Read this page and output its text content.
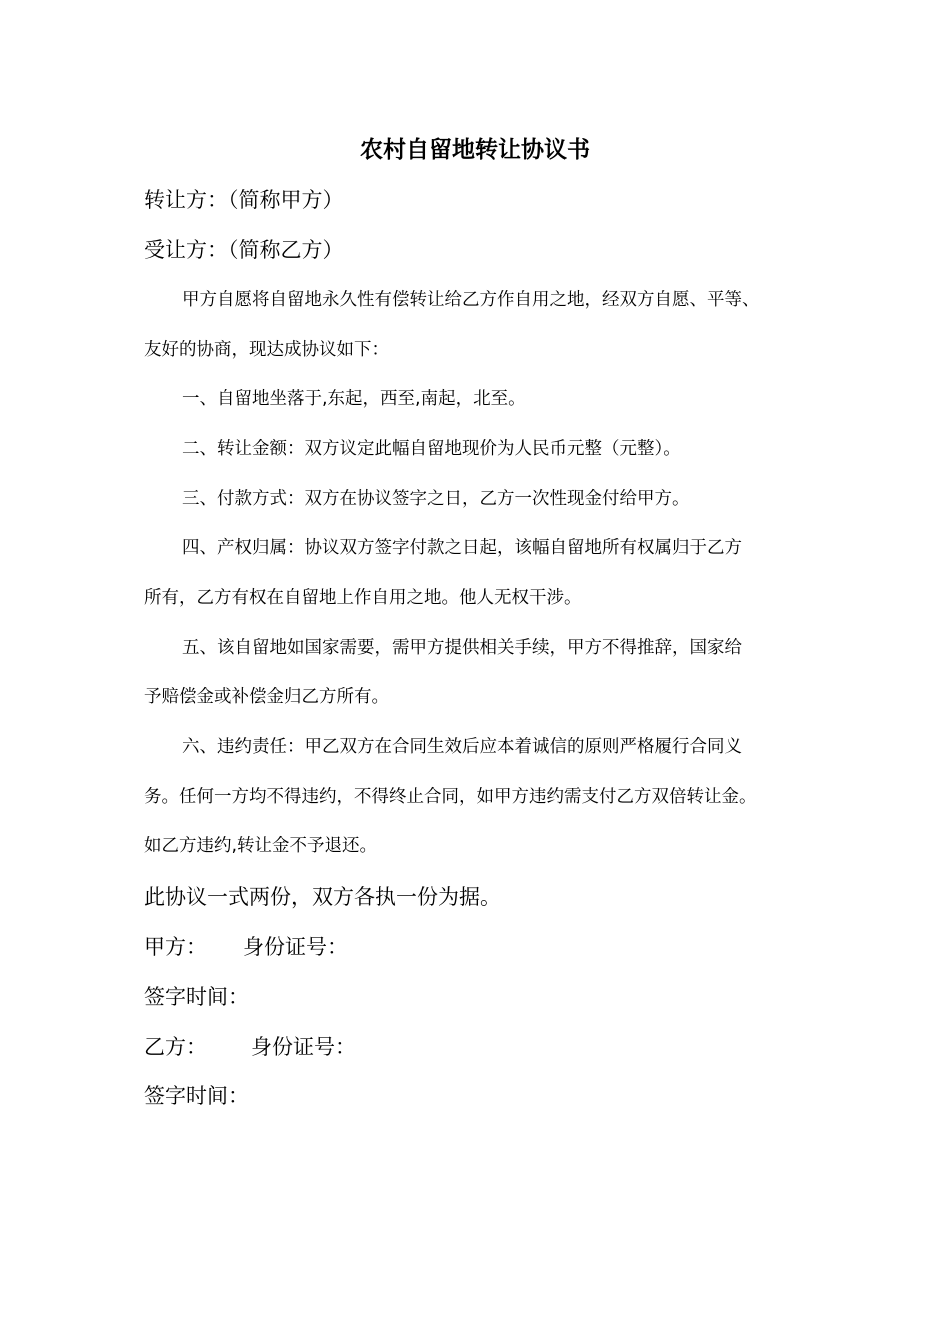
农村自留地转让协议书
转让方：（简称甲方）
受让方：（简称乙方）
甲方自愿将自留地永久性有偿转让给乙方作自用之地，经双方自愿、平等、
友好的协商，现达成协议如下：
一、自留地坐落于,东起，西至,南起，北至。
二、转让金额：双方议定此幅自留地现价为人民币元整（元整）。
三、付款方式：双方在协议签字之日，乙方一次性现金付给甲方。
四、产权归属：协议双方签字付款之日起，该幅自留地所有权属归于乙方
所有，乙方有权在自留地上作自用之地。他人无权干涉。
五、该自留地如国家需要，需甲方提供相关手续，甲方不得推辞，国家给
予赔偿金或补偿金归乙方所有。
六、违约责任：甲乙双方在合同生效后应本着诚信的原则严格履行合同义
务。任何一方均不得违约，不得终止合同，如甲方违约需支付乙方双倍转让金。
如乙方违约,转让金不予退还。
此协议一式两份，双方各执一份为据。
甲方： 身份证号：
签字时间：
乙方： 身份证号：
签字时间：
